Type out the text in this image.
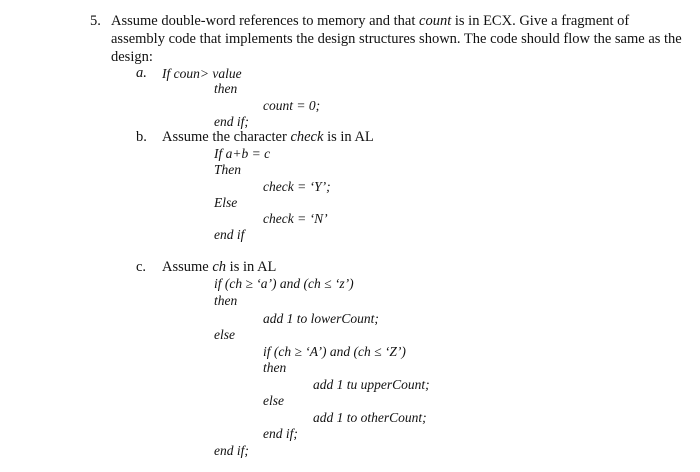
5. Assume double-word references to memory and that count is in ECX. Give a fragment of
assembly code that implements the design structures shown. The code should flow the same as the
design:
a. If coun> value
then
count = 0;
end if;
b. Assume the character check is in AL
If a+b = c
Then
check = ‘Y’;
Else
check = ‘N’
end if
c. Assume ch is in AL
if (ch ≥ ‘a’) and (ch ≤ ‘z’)
then
add 1 to lowerCount;
else
if (ch ≥ ‘A’) and (ch ≤ ‘Z’)
then
add 1 tu upperCount;
else
add 1 to otherCount;
end if;
end if;
